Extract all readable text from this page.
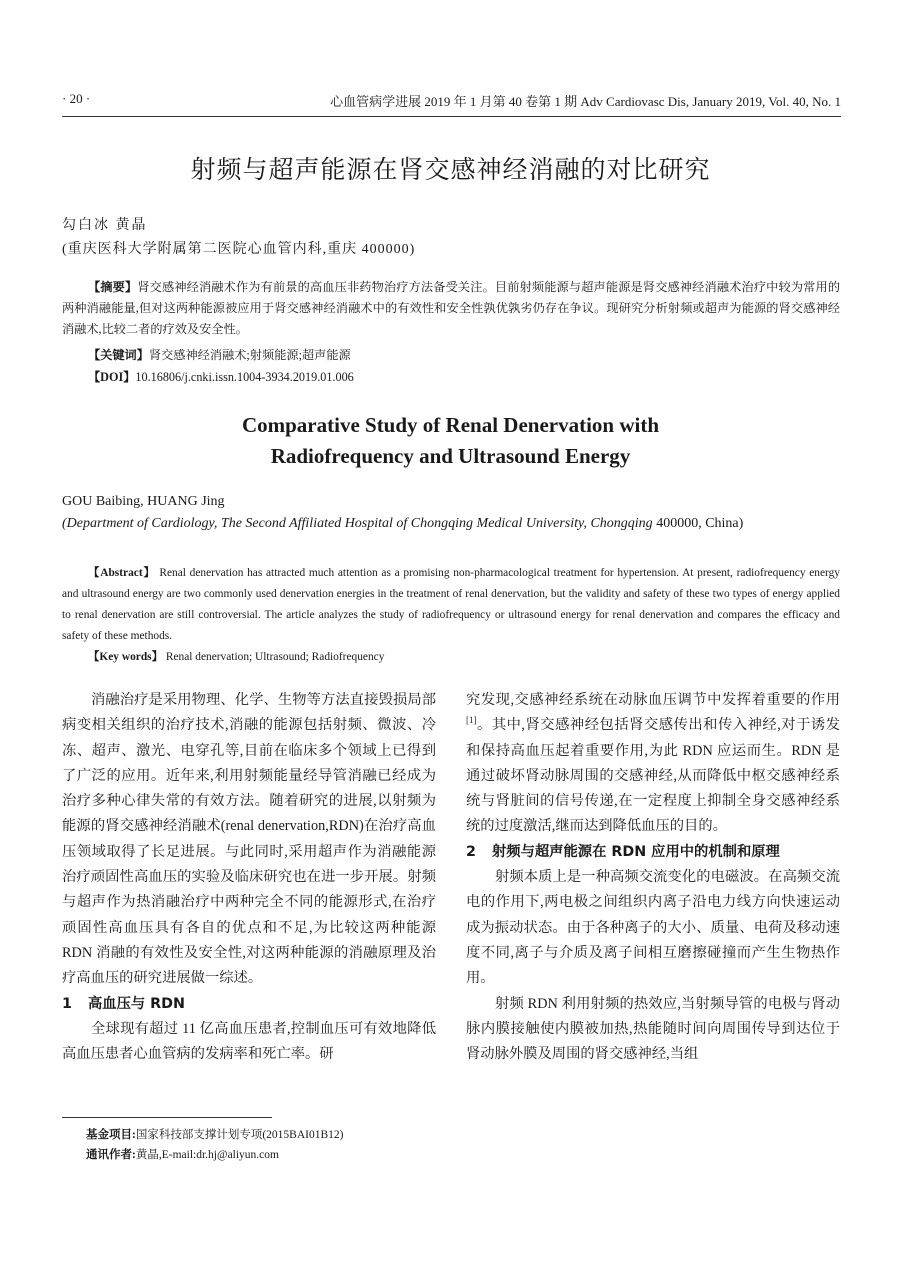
· 20 ·	心血管病学进展 2019 年 1 月第 40 卷第 1 期 Adv Cardiovasc Dis, January 2019, Vol. 40, No. 1
射频与超声能源在肾交感神经消融的对比研究
勾白冰 黄晶
(重庆医科大学附属第二医院心血管内科,重庆 400000)
【摘要】肾交感神经消融术作为有前景的高血压非药物治疗方法备受关注。目前射频能源与超声能源是肾交感神经消融术治疗中较为常用的两种消融能量,但对这两种能源被应用于肾交感神经消融术中的有效性和安全性孰优孰劣仍存在争议。现研究分析射频或超声为能源的肾交感神经消融术,比较二者的疗效及安全性。
【关键词】肾交感神经消融术;射频能源;超声能源
【DOI】10.16806/j.cnki.issn.1004-3934.2019.01.006
Comparative Study of Renal Denervation with
Radiofrequency and Ultrasound Energy
GOU Baibing, HUANG Jing
(Department of Cardiology, The Second Affiliated Hospital of Chongqing Medical University, Chongqing 400000, China)
【Abstract】 Renal denervation has attracted much attention as a promising non-pharmacological treatment for hypertension. At present, radiofrequency energy and ultrasound energy are two commonly used denervation energies in the treatment of renal denervation, but the validity and safety of these two types of energy applied to renal denervation are still controversial. The article analyzes the study of radiofrequency or ultrasound energy for renal denervation and compares the efficacy and safety of these methods.
【Key words】 Renal denervation; Ultrasound; Radiofrequency

消融治疗是采用物理、化学、生物等方法直接毁损局部病变相关组织的治疗技术,消融的能源包括射频、微波、冷冻、超声、激光、电穿孔等,目前在临床多个领域上已得到了广泛的应用。近年来,利用射频能量经导管消融已经成为治疗多种心律失常的有效方法。随着研究的进展,以射频为能源的肾交感神经消融术(renal denervation,RDN)在治疗高血压领域取得了长足进展。与此同时,采用超声作为消融能源治疗顽固性高血压的实验及临床研究也在进一步开展。射频与超声作为热消融治疗中两种完全不同的能源形式,在治疗顽固性高血压具有各自的优点和不足,为比较这两种能源 RDN 消融的有效性及安全性,对这两种能源的消融原理及治疗高血压的研究进展做一综述。

1 高血压与 RDN

全球现有超过 11 亿高血压患者,控制血压可有效地降低高血压患者心血管病的发病率和死亡率。研

究发现,交感神经系统在动脉血压调节中发挥着重要的作用[1]。其中,肾交感神经包括肾交感传出和传入神经,对于诱发和保持高血压起着重要作用,为此 RDN 应运而生。RDN 是通过破坏肾动脉周围的交感神经,从而降低中枢交感神经系统与肾脏间的信号传递,在一定程度上抑制全身交感神经系统的过度激活,继而达到降低血压的目的。

2 射频与超声能源在 RDN 应用中的机制和原理

射频本质上是一种高频交流变化的电磁波。在高频交流电的作用下,两电极之间组织内离子沿电力线方向快速运动成为振动状态。由于各种离子的大小、质量、电荷及移动速度不同,离子与介质及离子间相互磨擦碰撞而产生生物热作用。

射频 RDN 利用射频的热效应,当射频导管的电极与肾动脉内膜接触使内膜被加热,热能随时间向周围传导到达位于肾动脉外膜及周围的肾交感神经,当组

基金项目:国家科技部支撑计划专项(2015BAI01B12)
通讯作者:黄晶,E-mail:dr.hj@aliyun.com
